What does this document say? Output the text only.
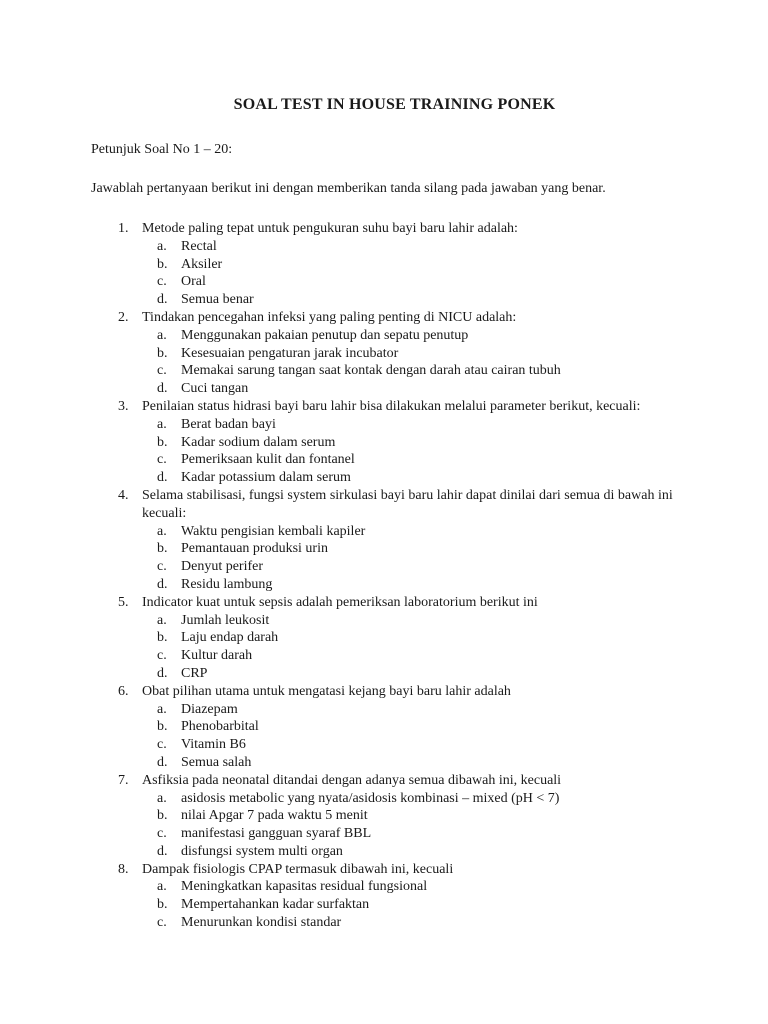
SOAL TEST IN HOUSE TRAINING PONEK
Petunjuk Soal No 1 – 20:
Jawablah pertanyaan berikut ini dengan memberikan tanda silang pada jawaban yang benar.
1. Metode paling tepat untuk pengukuran suhu bayi baru lahir adalah:
a. Rectal
b. Aksiler
c. Oral
d. Semua benar
2. Tindakan pencegahan infeksi yang paling penting di NICU adalah:
a. Menggunakan pakaian penutup dan sepatu penutup
b. Kesesuaian pengaturan jarak incubator
c. Memakai sarung tangan saat kontak dengan darah atau cairan tubuh
d. Cuci tangan
3. Penilaian status hidrasi bayi baru lahir bisa dilakukan melalui parameter berikut, kecuali:
a. Berat badan bayi
b. Kadar sodium dalam serum
c. Pemeriksaan kulit dan fontanel
d. Kadar potassium dalam serum
4. Selama stabilisasi, fungsi system sirkulasi bayi baru lahir dapat dinilai dari semua di bawah ini kecuali:
a. Waktu pengisian kembali kapiler
b. Pemantauan produksi urin
c. Denyut perifer
d. Residu lambung
5. Indicator kuat untuk sepsis adalah pemeriksan laboratorium berikut ini
a. Jumlah leukosit
b. Laju endap darah
c. Kultur darah
d. CRP
6. Obat pilihan utama untuk mengatasi kejang bayi baru lahir adalah
a. Diazepam
b. Phenobarbital
c. Vitamin B6
d. Semua salah
7. Asfiksia pada neonatal ditandai dengan adanya semua dibawah ini, kecuali
a. asidosis metabolic yang nyata/asidosis kombinasi – mixed (pH < 7)
b. nilai Apgar 7 pada waktu 5 menit
c. manifestasi gangguan syaraf BBL
d. disfungsi system multi organ
8. Dampak fisiologis CPAP termasuk dibawah ini, kecuali
a. Meningkatkan kapasitas residual fungsional
b. Mempertahankan kadar surfaktan
c. Menurunkan kondisi standar
